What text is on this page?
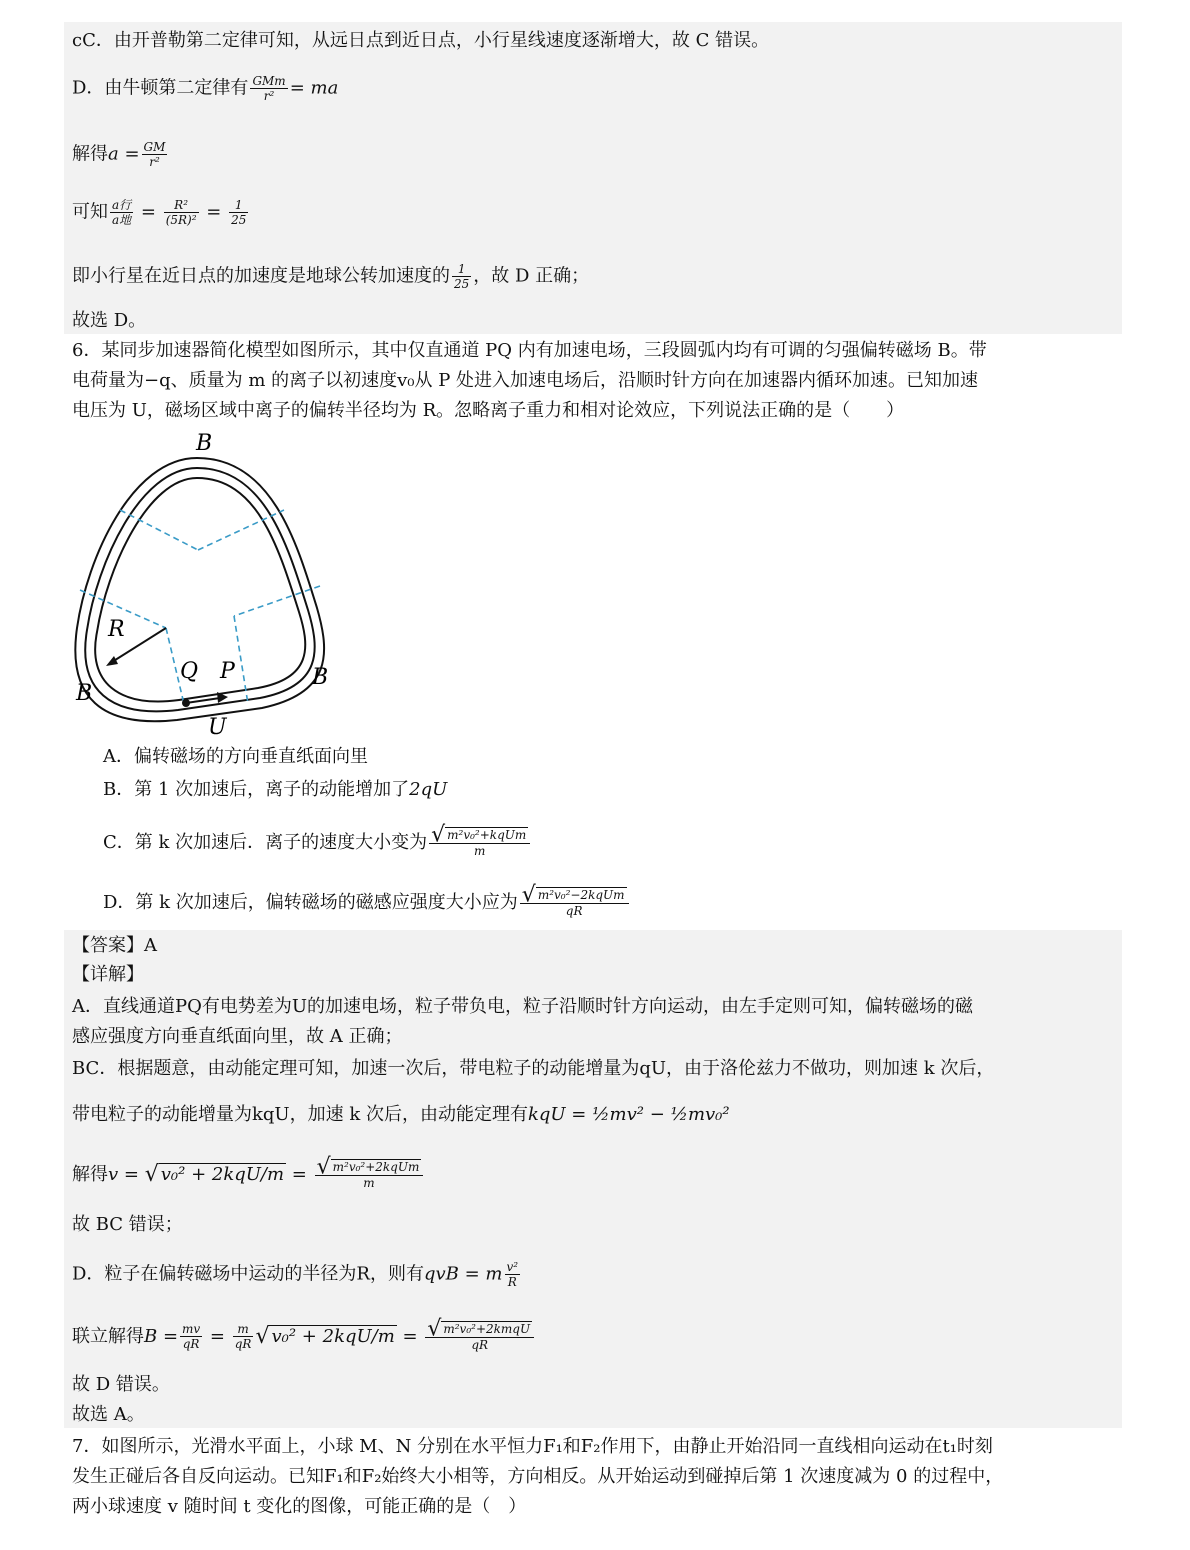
cC．由开普勒第二定律可知，从远日点到近日点，小行星线速度逐渐增大，故 C 错误。
D．由牛顿第二定律有 $\frac{\text{GMm}}{\text{r²}}$ = ma
解得$a = \frac{GM}{\text{r²}}$
可知 $\frac{\text{a行}}{\text{a地}} = \frac{\text{R²}}{\text{(5R)²}} = \frac{1}{25}$
即小行星在近日点的加速度是地球公转加速度的 $\frac{1}{25}$ ，故 D 正确；
故选 D。
6．某同步加速器简化模型如图所示，其中仅直通道 PQ 内有加速电场，三段圆弧内均有可调的匀强偏转磁场 B。带
电荷量为−q、质量为 m 的离子以初速度v₀从 P 处进入加速电场后，沿顺时针方向在加速器内循环加速。已知加速
电压为 U，磁场区域中离子的偏转半径均为 R。忽略离子重力和相对论效应，下列说法正确的是（　　）
B
R
Q P
B
B
U
A．偏转磁场的方向垂直纸面向里
B．第 1 次加速后，离子的动能增加了2qU
C．第 k 次加速后．离子的速度大小变为 $\frac{\text{√ m²v₀²+kqUm}}{m}$
D．第 k 次加速后，偏转磁场的磁感应强度大小应为 $\frac{\text{√ m²v₀²−2kqUm}}{qR}$
【答案】A
【详解】
A．直线通道PQ有电势差为U的加速电场，粒子带负电，粒子沿顺时针方向运动，由左手定则可知，偏转磁场的磁
感应强度方向垂直纸面向里，故 A 正确；
BC．根据题意，由动能定理可知，加速一次后，带电粒子的动能增量为qU，由于洛伦兹力不做功，则加速 k 次后，
带电粒子的动能增量为kqU，加速 k 次后，由动能定理有kqU = ½mv² − ½mv₀²
解得v = √ $v_0^2 + 2kqU/m = \frac{\text{√ m²v₀²+2kqUm}}{m}$
故 BC 错误；
D．粒子在偏转磁场中运动的半径为R，则有qvB = m $\frac{\text{v²}}{R}$
联立解得$B = \frac{mv}{qR} = \frac{m}{qR}$ √ $v_0^2 + 2kqU/m = \frac{\text{√ m²v₀²+2kmqU}}{qR}$
故 D 错误。
故选 A。
7．如图所示，光滑水平面上，小球 M、N 分别在水平恒力F₁和F₂作用下，由静止开始沿同一直线相向运动在t₁时刻
发生正碰后各自反向运动。已知F₁和F₂始终大小相等，方向相反。从开始运动到碰掉后第 1 次速度减为 0 的过程中，
两小球速度 v 随时间 t 变化的图像，可能正确的是（　）
